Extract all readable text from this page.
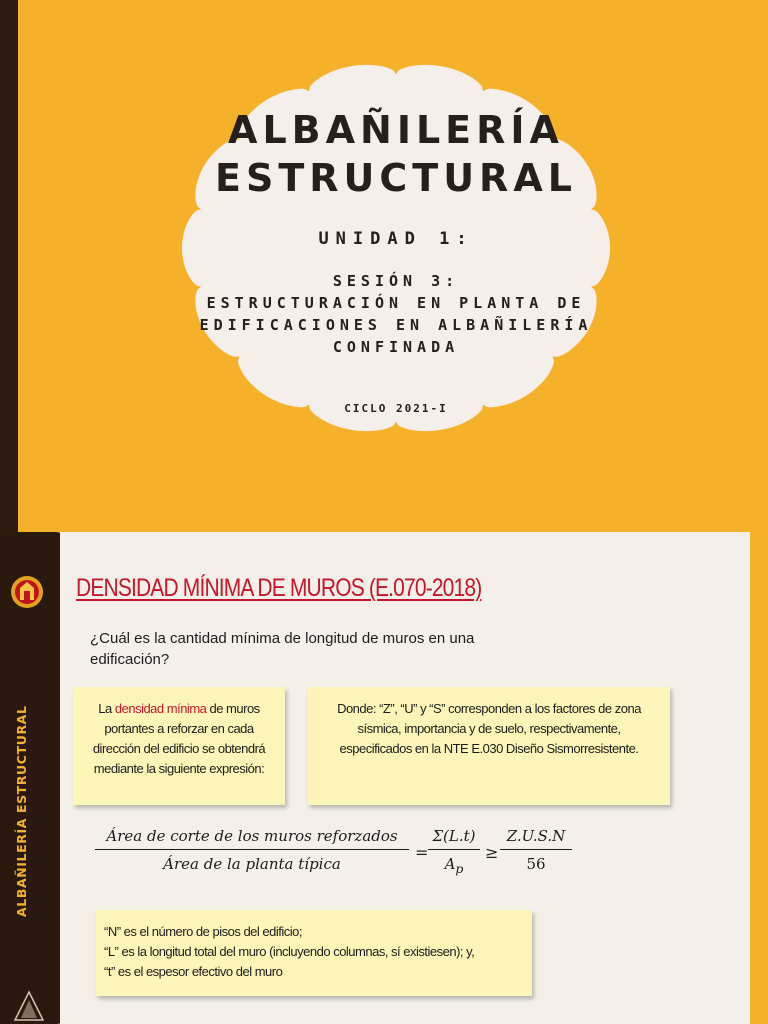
ALBAÑILERÍA
ESTRUCTURAL
UNIDAD 1:
SESIÓN 3:
ESTRUCTURACIÓN EN PLANTA DE
EDIFICACIONES EN ALBAÑILERÍA
CONFINADA
CICLO 2021-I
DENSIDAD MÍNIMA DE MUROS (E.070-2018)
¿Cuál es la cantidad mínima de longitud de muros en una edificación?
La densidad mínima de muros portantes a reforzar en cada dirección del edificio se obtendrá mediante la siguiente expresión:
Donde: “Z”, “U” y “S” corresponden a los factores de zona sísmica, importancia y de suelo, respectivamente, especificados en la NTE E.030 Diseño Sismorresistente.
Área de corte de los muros reforzados
Área de la planta típica
= $\frac{\Sigma(L.t)}{A_p} \ge \frac{Z.U.S.N}{56}$
“N” es el número de pisos del edificio;
“L” es la longitud total del muro (incluyendo columnas, sí existiesen); y,
“t” es el espesor efectivo del muro
